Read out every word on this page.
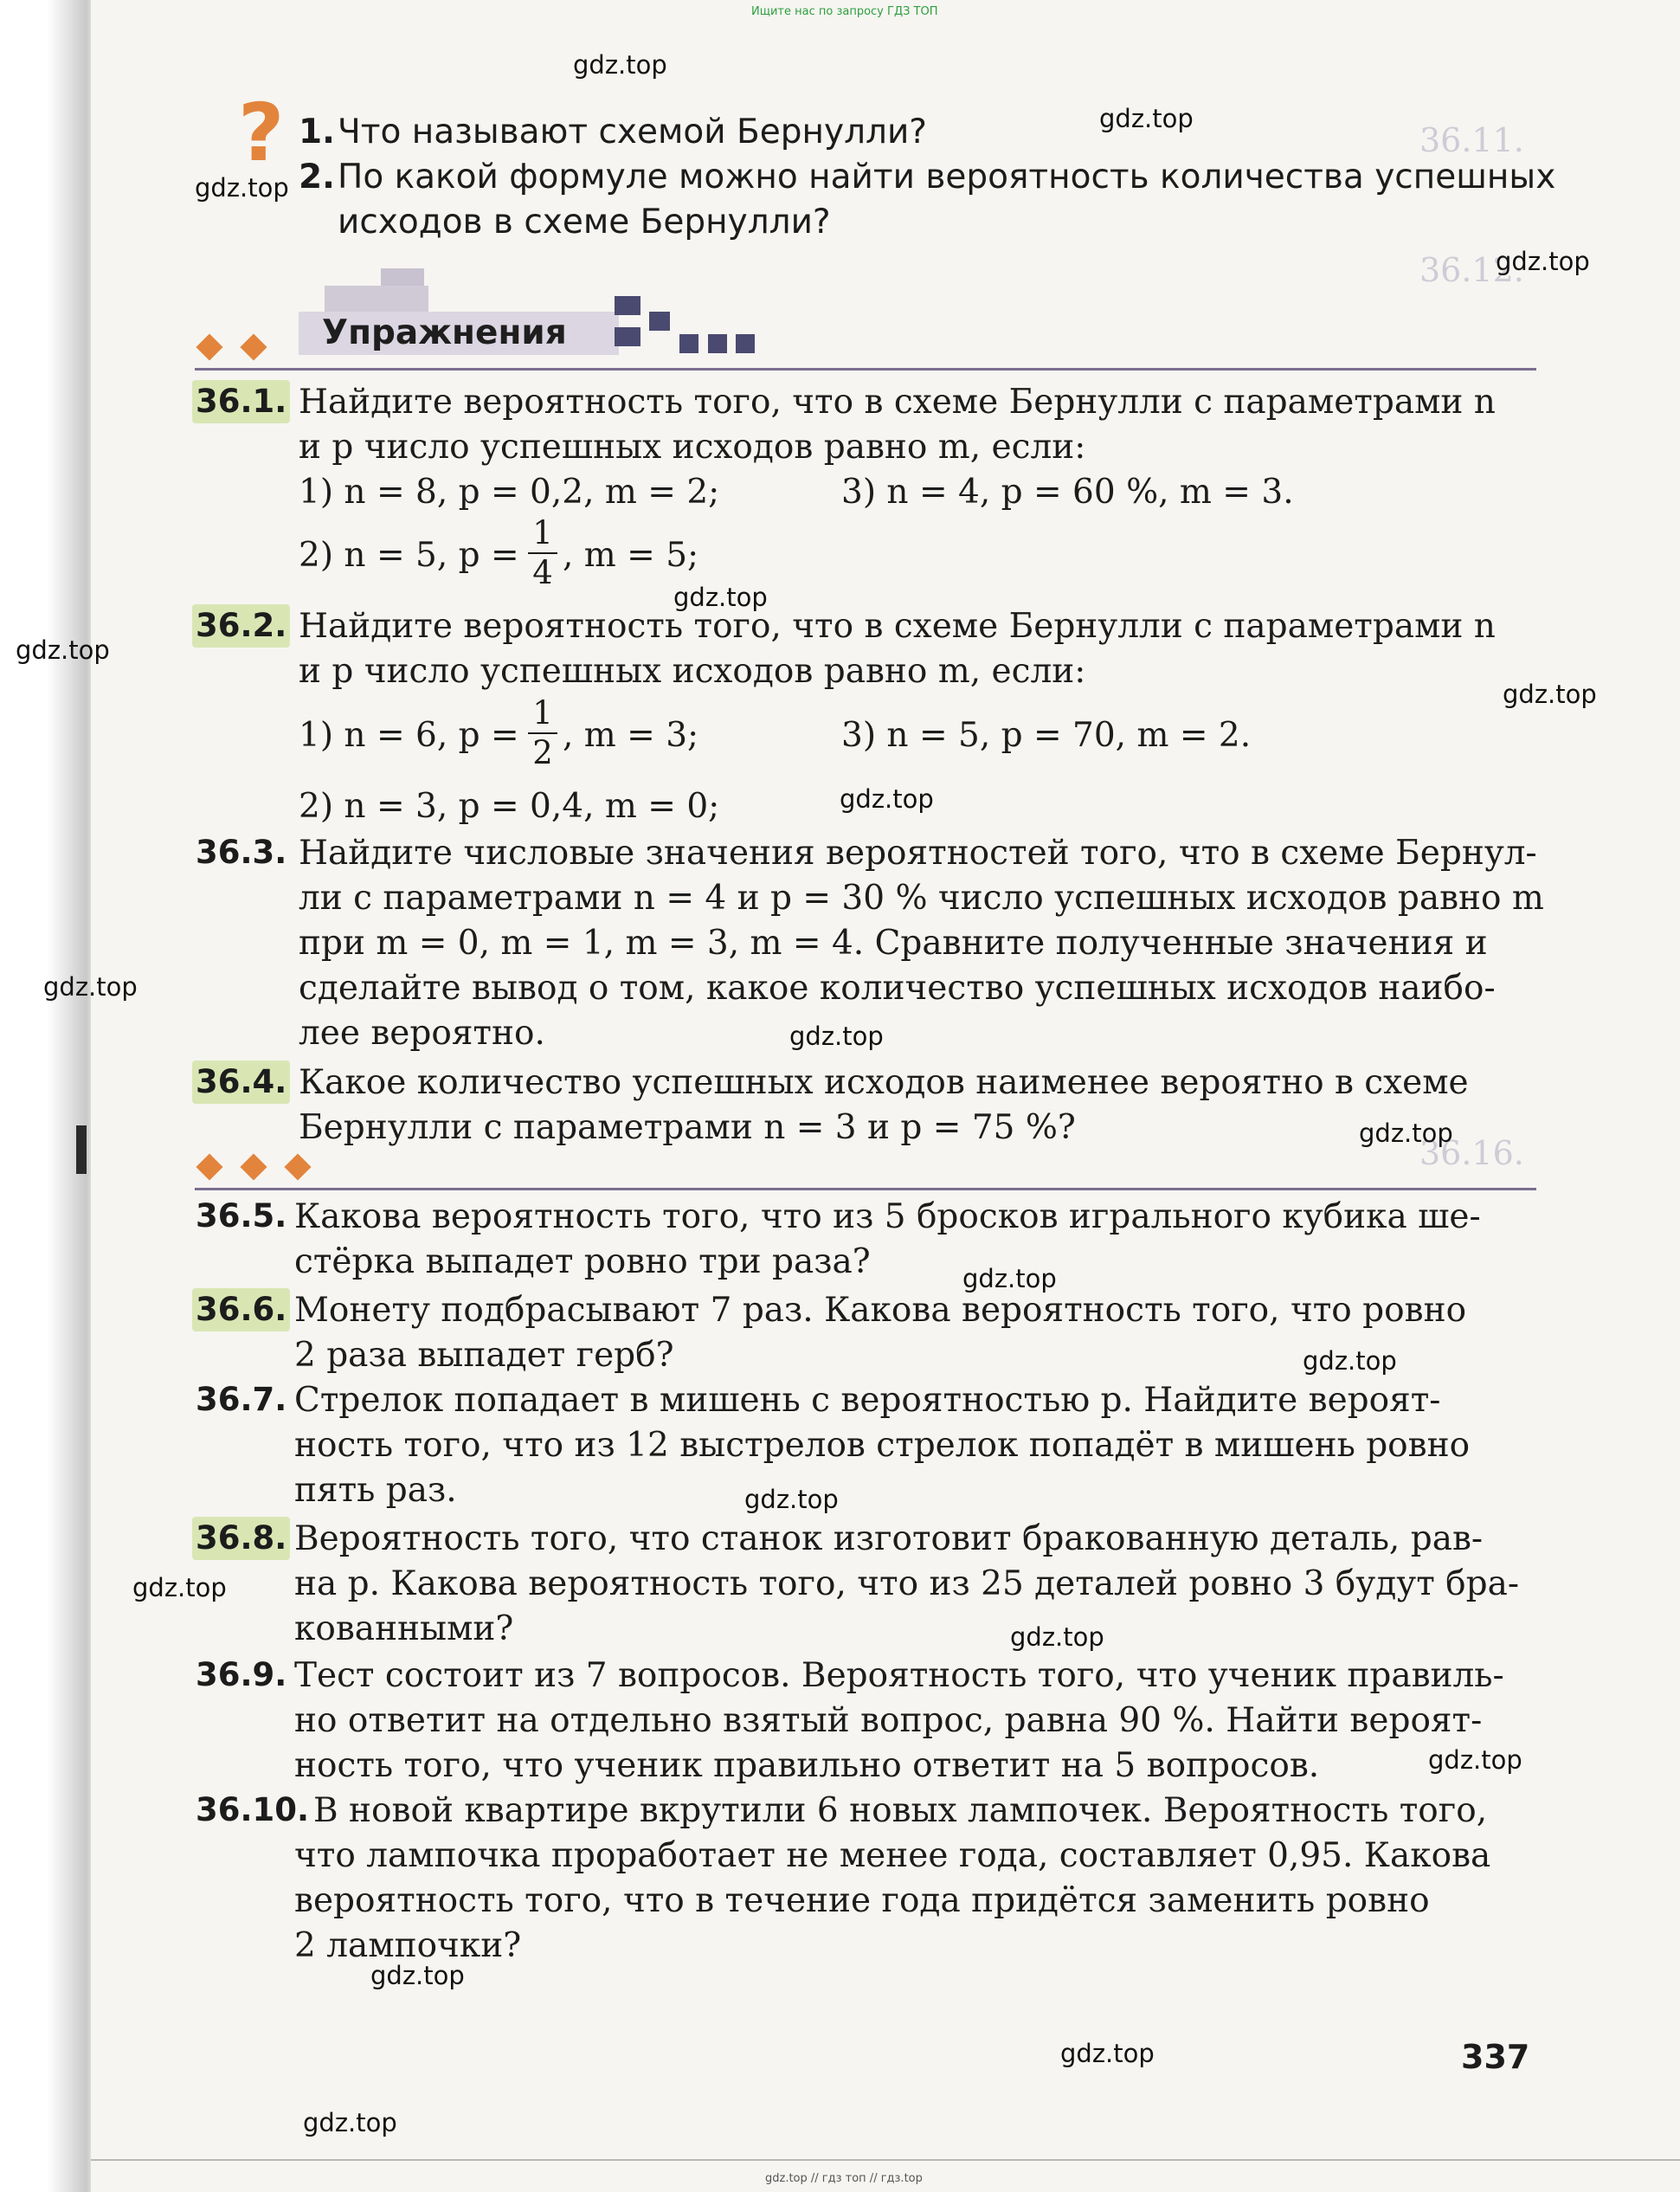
Ищите нас по запросу ГДЗ ТОП
36.11.
36.12.
36.16.
? 1.Что называют схемой Бернулли?
2.По какой формуле можно найти вероятность количества успешных
исходов в схеме Бернулли?
Упражнения
36.1. Найдите вероятность того, что в схеме Бернулли с параметрами n
и p число успешных исходов равно m, если:
1) n = 8, p = 0,2, m = 2;	3) n = 4, p = 60 %, m = 3.
2) n = 5, p =
1
4 , m = 5;
36.2. Найдите вероятность того, что в схеме Бернулли с параметрами n
и p число успешных исходов равно m, если:
1) n = 6, p =
1
2 , m = 3;	3) n = 5, p = 70, m = 2.
2) n = 3, p = 0,4, m = 0;
36.3. Найдите числовые значения вероятностей того, что в схеме Бернул-
ли с параметрами n = 4 и p = 30 % число успешных исходов равно m
при m = 0, m = 1, m = 3, m = 4. Сравните полученные значения и
сделайте вывод о том, какое количество успешных исходов наибо-
лее вероятно.
36.4. Какое количество успешных исходов наименее вероятно в схеме
Бернулли с параметрами n = 3 и p = 75 %?
36.5. Какова вероятность того, что из 5 бросков игрального кубика ше-
стёрка выпадет ровно три раза?
36.6. Монету подбрасывают 7 раз. Какова вероятность того, что ровно
2 раза выпадет герб?
36.7. Стрелок попадает в мишень с вероятностью p. Найдите вероят-
ность того, что из 12 выстрелов стрелок попадёт в мишень ровно
пять раз.
36.8. Вероятность того, что станок изготовит бракованную деталь, рав-
на p. Какова вероятность того, что из 25 деталей ровно 3 будут бра-
кованными?
36.9. Тест состоит из 7 вопросов. Вероятность того, что ученик правиль-
но ответит на отдельно взятый вопрос, равна 90 %. Найти вероят-
ность того, что ученик правильно ответит на 5 вопросов.
36.10. В новой квартире вкрутили 6 новых лампочек. Вероятность того,
что лампочка проработает не менее года, составляет 0,95. Какова
вероятность того, что в течение года придётся заменить ровно
2 лампочки?
337
gdz.top
gdz.top
gdz.top
gdz.top
gdz.top
gdz.top
gdz.top
gdz.top
gdz.top
gdz.top
gdz.top
gdz.top
gdz.top
gdz.top
gdz.top
gdz.top
gdz.top
gdz.top
gdz.top
gdz.top
gdz.top // гдз топ // гдз.top
